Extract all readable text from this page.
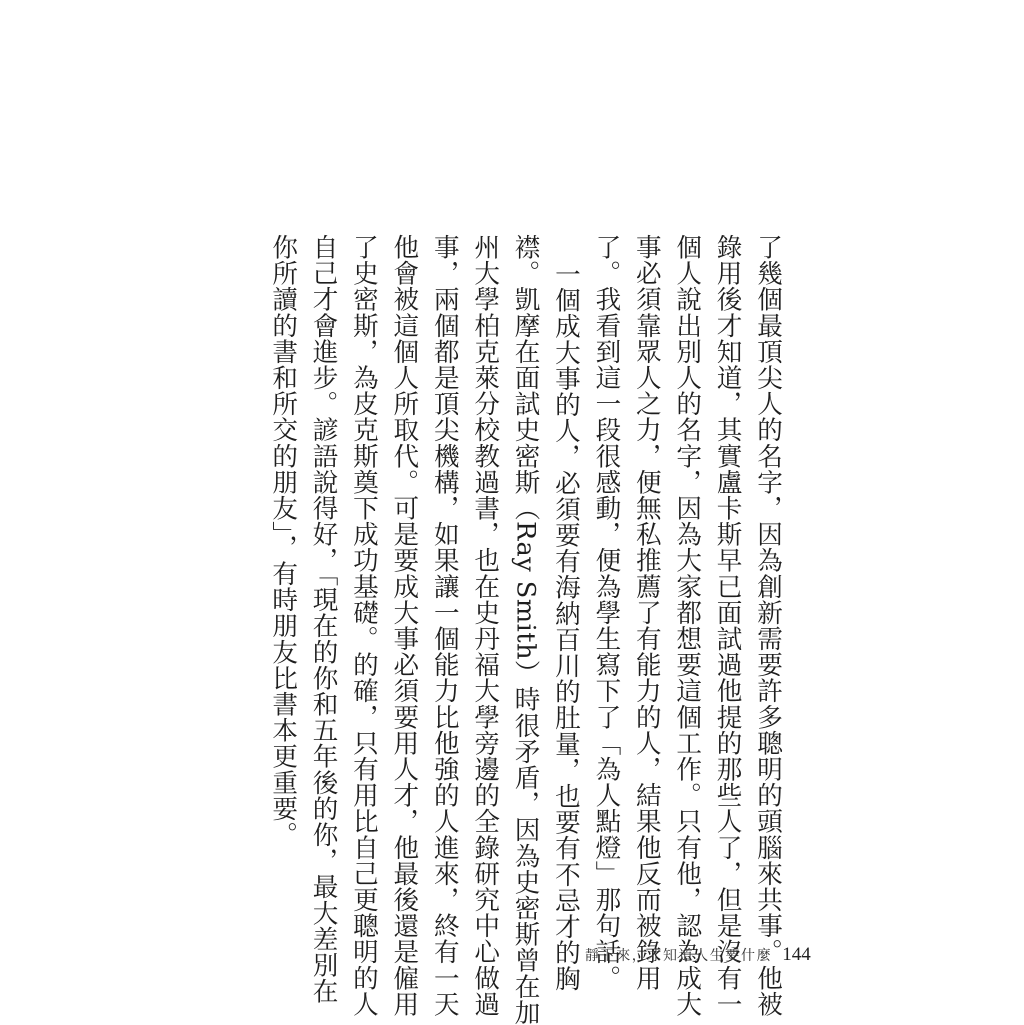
了幾個最頂尖人的名字，因為創新需要許多聰明的頭腦來共事。他被
錄用後才知道，其實盧卡斯早已面試過他提的那些人了，但是沒有一
個人說出別人的名字，因為大家都想要這個工作。只有他，認為成大
事必須靠眾人之力，便無私推薦了有能力的人，結果他反而被錄用
了。我看到這一段很感動，便為學生寫下了「為人點燈」那句話。
一個成大事的人，必須要有海納百川的肚量，也要有不忌才的胸
襟。凱摩在面試史密斯（Ray Smith）時很矛盾，因為史密斯曾在加
州大學柏克萊分校教過書，也在史丹福大學旁邊的全錄研究中心做過
事，兩個都是頂尖機構，如果讓一個能力比他強的人進來，終有一天
他會被這個人所取代。可是要成大事必須要用人才，他最後還是僱用
了史密斯，為皮克斯奠下成功基礎。的確，只有用比自己更聰明的人
自己才會進步。諺語說得好，「現在的你和五年後的你，最大差別在
你所讀的書和所交的朋友」，有時朋友比書本更重要。
靜下來，才知道人生要什麼 144
